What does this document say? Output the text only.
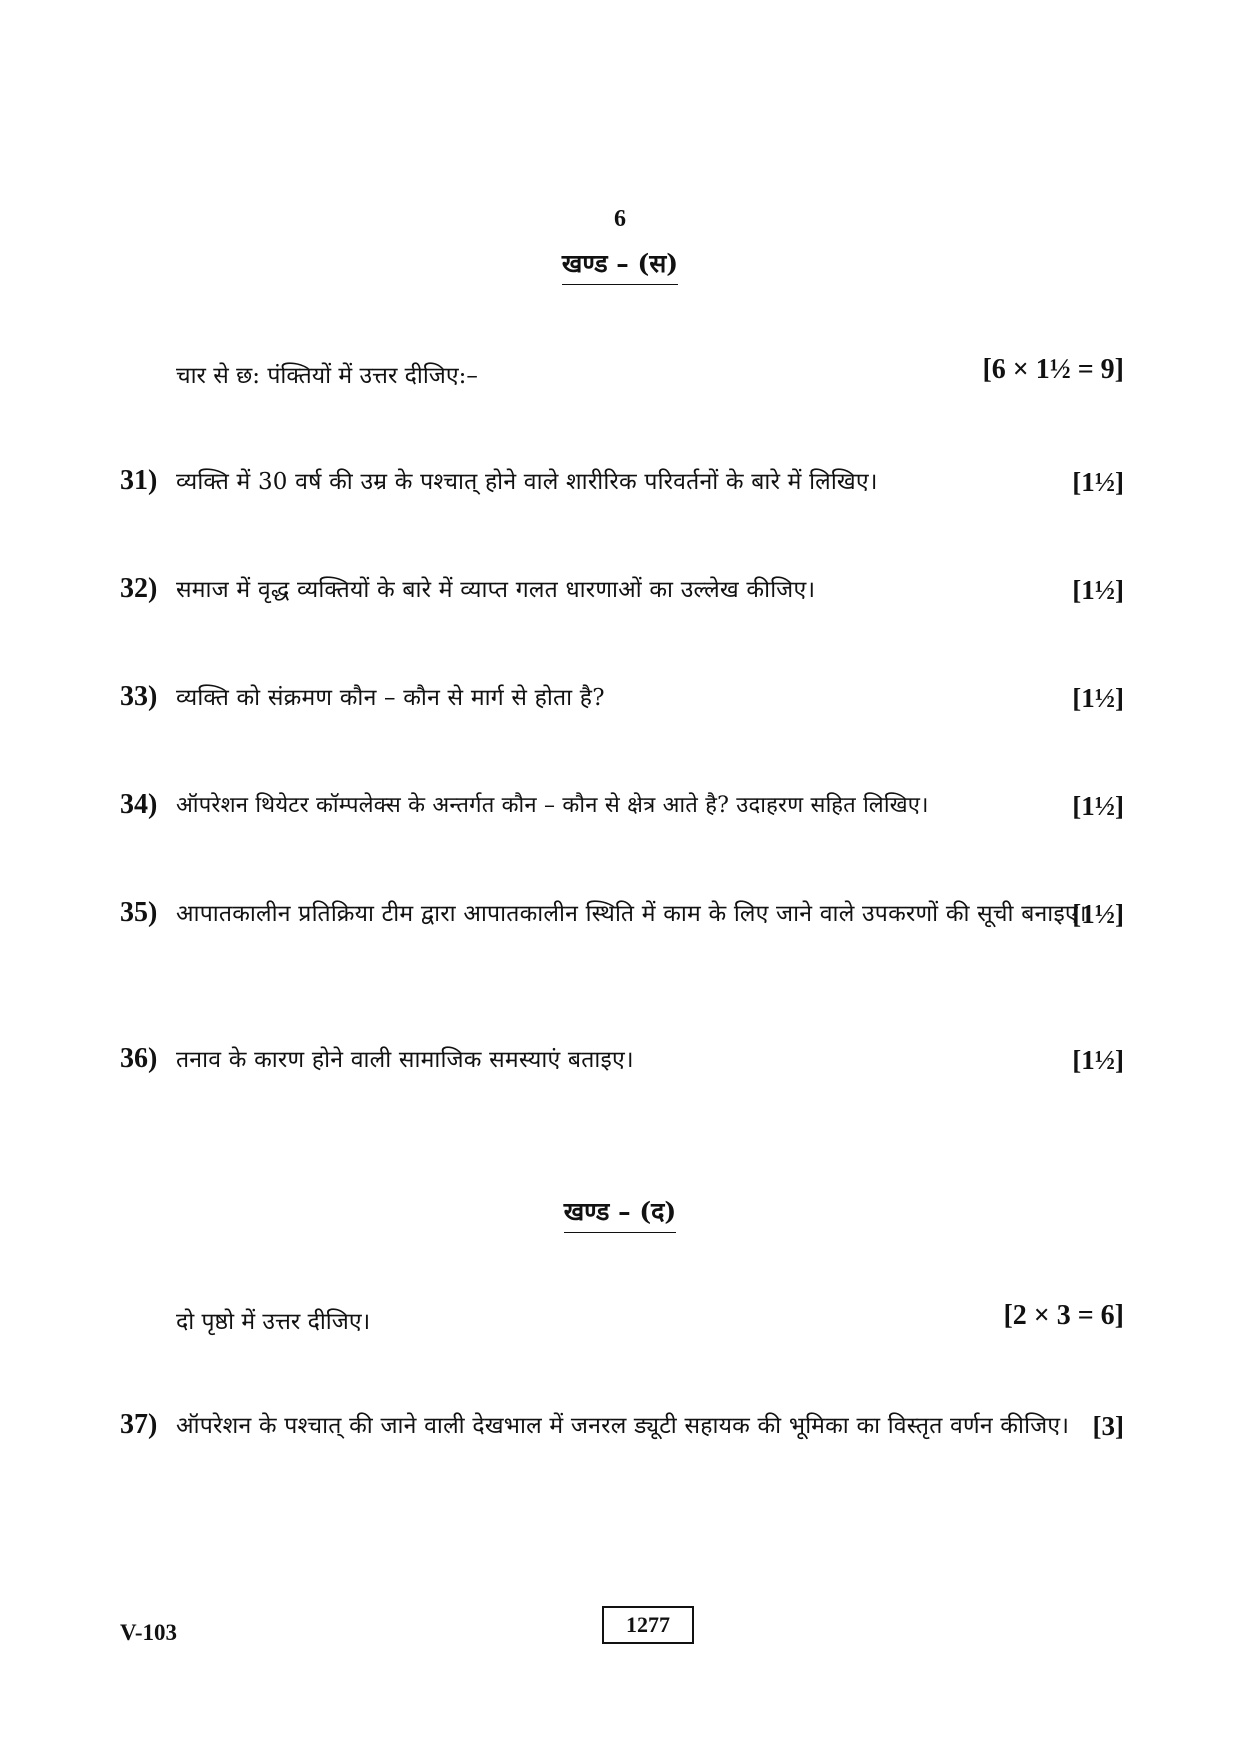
6
खण्ड – (स)
चार से छ: पंक्तियों में उत्तर दीजिए:–	[6 × 1½ = 9]
31) व्यक्ति में 30 वर्ष की उम्र के पश्चात् होने वाले शारीरिक परिवर्तनों के बारे में लिखिए।	[1½]
32) समाज में वृद्ध व्यक्तियों के बारे में व्याप्त गलत धारणाओं का उल्लेख कीजिए।	[1½]
33) व्यक्ति को संक्रमण कौन – कौन से मार्ग से होता है?	[1½]
34) ऑपरेशन थियेटर कॉम्पलेक्स के अन्तर्गत कौन – कौन से क्षेत्र आते है? उदाहरण सहित लिखिए।	[1½]
35) आपातकालीन प्रतिक्रिया टीम द्वारा आपातकालीन स्थिति में काम के लिए जाने वाले उपकरणों की सूची बनाइए।
[1½]
36) तनाव के कारण होने वाली सामाजिक समस्याएं बताइए।	[1½]
खण्ड – (द)
दो पृष्ठो में उत्तर दीजिए।	[2 × 3 = 6]
37) ऑपरेशन के पश्चात् की जाने वाली देखभाल में जनरल ड्यूटी सहायक की भूमिका का विस्तृत वर्णन कीजिए। [3]
V-103	1277
